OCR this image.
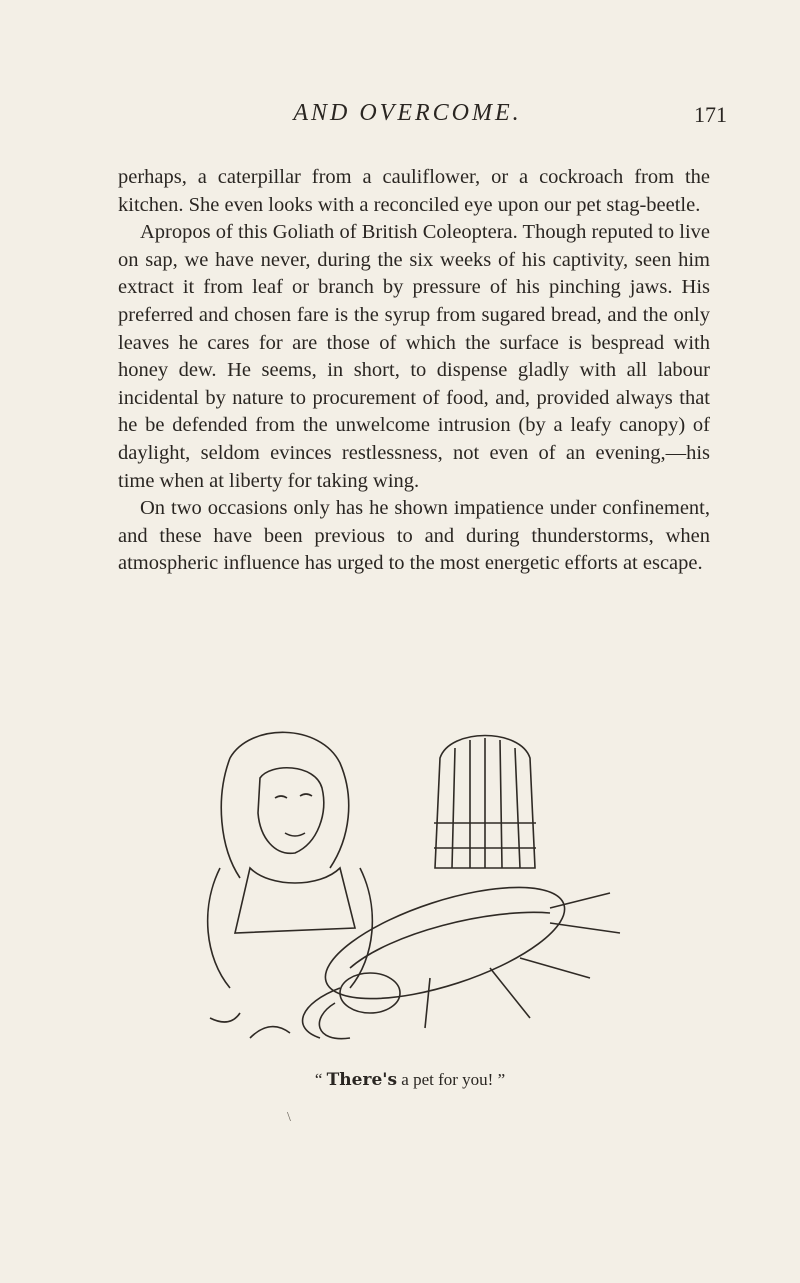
AND OVERCOME.	171

perhaps, a caterpillar from a cauliflower, or a cockroach from the kitchen. She even looks with a reconciled eye upon our pet stag-beetle.

Apropos of this Goliath of British Coleoptera. Though reputed to live on sap, we have never, during the six weeks of his captivity, seen him extract it from leaf or branch by pressure of his pinching jaws. His preferred and chosen fare is the syrup from sugared bread, and the only leaves he cares for are those of which the surface is bespread with honey dew. He seems, in short, to dispense gladly with all labour incidental by nature to procurement of food, and, provided always that he be defended from the unwelcome intrusion (by a leafy canopy) of daylight, seldom evinces restlessness, not even of an evening,—his time when at liberty for taking wing.

On two occasions only has he shown impatience under confinement, and these have been previous to and during thunderstorms, when atmospheric influence has urged to the most energetic efforts at escape.

“ There's a pet for you! ”
\
